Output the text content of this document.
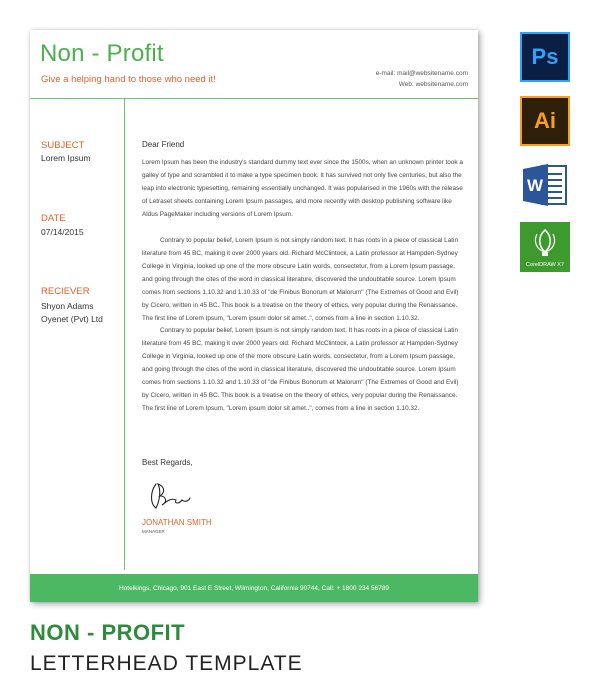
Non - Profit
Give a helping hand to those who need it!
e-mail: mail@websitename.com
Web: websitename.com
SUBJECT
Lorem Ipsum
DATE
07/14/2015
RECIEVER
Shyon Adams
Oyenet (Pvt) Ltd
Dear Friend

Lorem Ipsum has been the industry's standard dummy text ever since the 1500s, when an unknown printer took a galley of type and scrambled it to make a type specimen book. It has survived not only five centuries, but also the leap into electronic typesetting, remaining essentially unchanged. It was popularised in the 1960s with the release of Letraset sheets containing Lorem Ipsum passages, and more recently with desktop publishing software like Aldus PageMaker including versions of Lorem Ipsum.

Contrary to popular belief, Lorem Ipsum is not simply random text. It has roots in a piece of classical Latin literature from 45 BC, making it over 2000 years old. Richard McClintock, a Latin professor at Hampden-Sydney College in Virginia, looked up one of the more obscure Latin words, consectetur, from a Lorem Ipsum passage, and going through the cites of the word in classical literature, discovered the undoubtable source. Lorem Ipsum comes from sections 1.10.32 and 1.10.33 of "de Finibus Bonorum et Malorum" (The Extremes of Good and Evil) by Cicero, written in 45 BC. This book is a treatise on the theory of ethics, very popular during the Renaissance. The first line of Lorem Ipsum, "Lorem ipsum dolor sit amet..", comes from a line in section 1.10.32.

Contrary to popular belief, Lorem Ipsum is not simply random text. It has roots in a piece of classical Latin literature from 45 BC, making it over 2000 years old. Richard McClintock, a Latin professor at Hampden-Sydney College in Virginia, looked up one of the more obscure Latin words, consectetur, from a Lorem Ipsum passage, and going through the cites of the word in classical literature, discovered the undoubtable source. Lorem Ipsum comes from sections 1.10.32 and 1.10.33 of "de Finibus Bonorum et Malorum" (The Extremes of Good and Evil) by Cicero, written in 45 BC. This book is a treatise on the theory of ethics, very popular during the Renaissance. The first line of Lorem Ipsum, "Lorem ipsum dolor sit amet..", comes from a line in section 1.10.32.

Best Regards,
JONATHAN SMITH
MANAGER
Hotelkings, Chicago, 901 East E Street, Wilmington, California 90744, Call: + 1800 234 56789
Ps
Ai
W
CorelDRAW X7
NON - PROFIT
LETTERHEAD TEMPLATE
